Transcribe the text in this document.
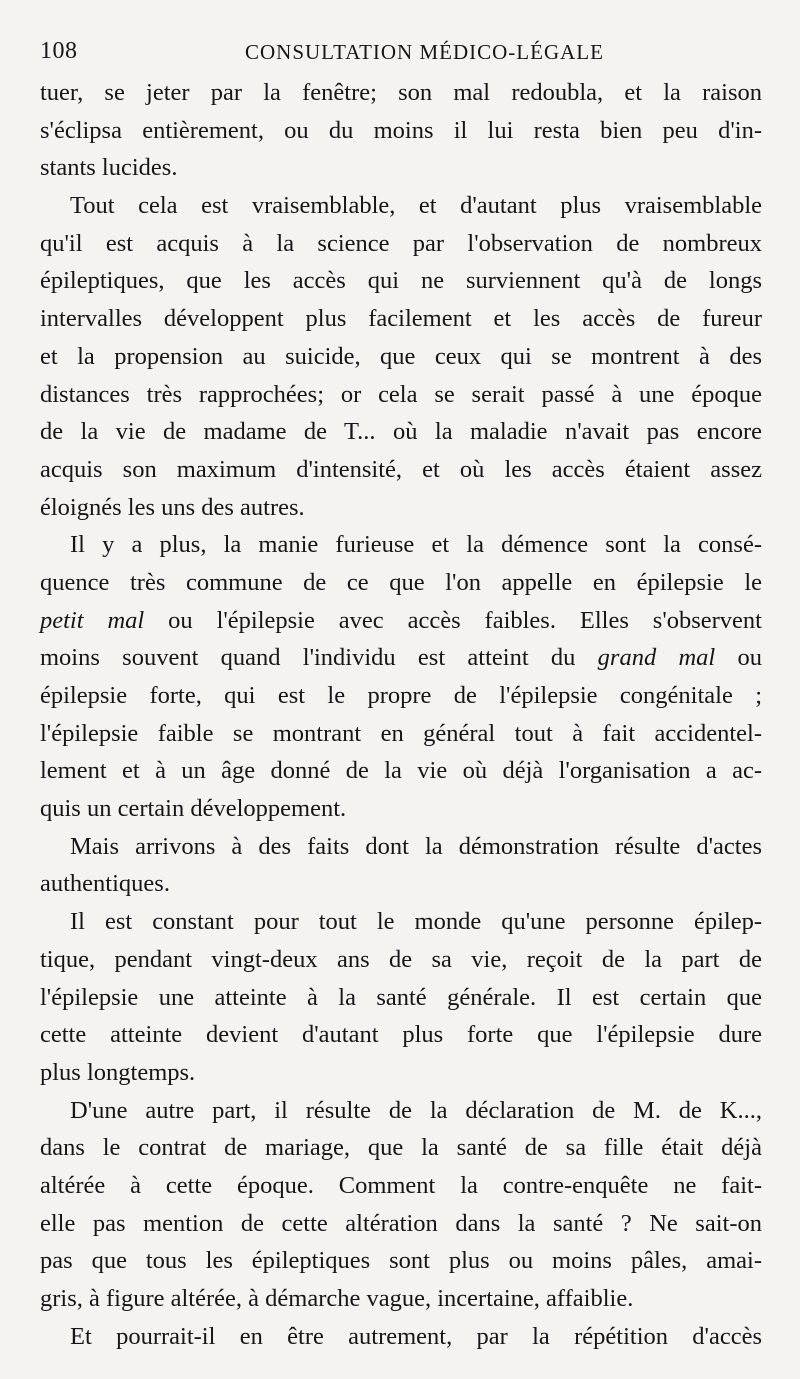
108	CONSULTATION MÉDICO-LÉGALE

tuer, se jeter par la fenêtre; son mal redoubla, et la raison
s'éclipsa entièrement, ou du moins il lui resta bien peu d'in-
stants lucides.

Tout cela est vraisemblable, et d'autant plus vraisemblable
qu'il est acquis à la science par l'observation de nombreux
épileptiques, que les accès qui ne surviennent qu'à de longs
intervalles développent plus facilement et les accès de fureur
et la propension au suicide, que ceux qui se montrent à des
distances très rapprochées; or cela se serait passé à une époque
de la vie de madame de T... où la maladie n'avait pas encore
acquis son maximum d'intensité, et où les accès étaient assez
éloignés les uns des autres.

Il y a plus, la manie furieuse et la démence sont la consé-
quence très commune de ce que l'on appelle en épilepsie le
petit mal ou l'épilepsie avec accès faibles. Elles s'observent
moins souvent quand l'individu est atteint du grand mal ou
épilepsie forte, qui est le propre de l'épilepsie congénitale ;
l'épilepsie faible se montrant en général tout à fait accidentel-
lement et à un âge donné de la vie où déjà l'organisation a ac-
quis un certain développement.

Mais arrivons à des faits dont la démonstration résulte d'actes
authentiques.

Il est constant pour tout le monde qu'une personne épilep-
tique, pendant vingt-deux ans de sa vie, reçoit de la part de
l'épilepsie une atteinte à la santé générale. Il est certain que
cette atteinte devient d'autant plus forte que l'épilepsie dure
plus longtemps.

D'une autre part, il résulte de la déclaration de M. de K...,
dans le contrat de mariage, que la santé de sa fille était déjà
altérée à cette époque. Comment la contre-enquête ne fait-
elle pas mention de cette altération dans la santé ? Ne sait-on
pas que tous les épileptiques sont plus ou moins pâles, amai-
gris, à figure altérée, à démarche vague, incertaine, affaiblie.

Et pourrait-il en être autrement, par la répétition d'accès
